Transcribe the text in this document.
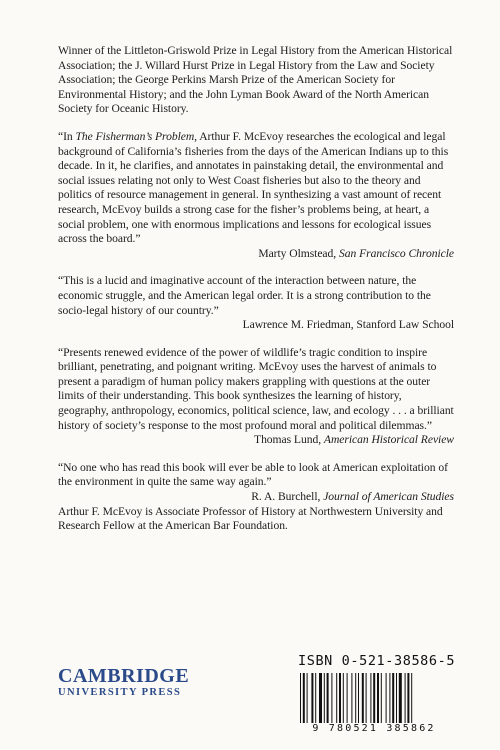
Winner of the Littleton-Griswold Prize in Legal History from the American Historical Association; the J. Willard Hurst Prize in Legal History from the Law and Society Association; the George Perkins Marsh Prize of the American Society for Environmental History; and the John Lyman Book Award of the North American Society for Oceanic History.

“In The Fisherman’s Problem, Arthur F. McEvoy researches the ecological and legal background of California’s fisheries from the days of the American Indians up to this decade. In it, he clarifies, and annotates in painstaking detail, the environmental and social issues relating not only to West Coast fisheries but also to the theory and politics of resource management in general. In synthesizing a vast amount of recent research, McEvoy builds a strong case for the fisher’s problems being, at heart, a social problem, one with enormous implications and lessons for ecological issues across the board.”

Marty Olmstead, San Francisco Chronicle

“This is a lucid and imaginative account of the interaction between nature, the economic struggle, and the American legal order. It is a strong contribution to the socio-legal history of our country.”

Lawrence M. Friedman, Stanford Law School

“Presents renewed evidence of the power of wildlife’s tragic condition to inspire brilliant, penetrating, and poignant writing. McEvoy uses the harvest of animals to present a paradigm of human policy makers grappling with questions at the outer limits of their understanding. This book synthesizes the learning of history, geography, anthropology, economics, political science, law, and ecology . . . a brilliant history of society’s response to the most profound moral and political dilemmas.”

Thomas Lund, American Historical Review

“No one who has read this book will ever be able to look at American exploitation of the environment in quite the same way again.”

R. A. Burchell, Journal of American Studies

Arthur F. McEvoy is Associate Professor of History at Northwestern University and Research Fellow at the American Bar Foundation.

ISBN 0-521-38586-5
CAMBRIDGE
UNIVERSITY PRESS
9 780521 385862
